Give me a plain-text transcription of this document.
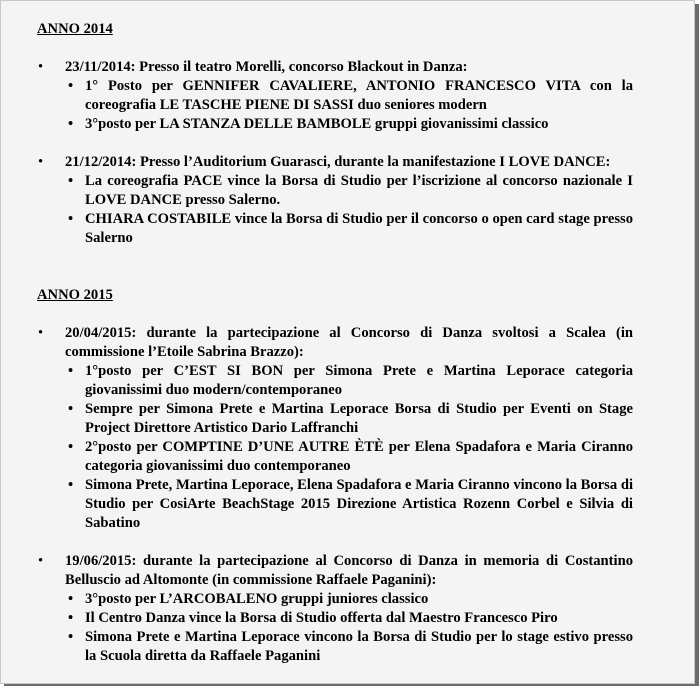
ANNO 2014
• 23/11/2014: Presso il teatro Morelli, concorso Blackout in Danza:
• 1° Posto per GENNIFER CAVALIERE, ANTONIO FRANCESCO VITA con la coreografia LE TASCHE PIENE DI SASSI duo seniores modern
• 3°posto per LA STANZA DELLE BAMBOLE gruppi giovanissimi classico
• 21/12/2014: Presso l’Auditorium Guarasci, durante la manifestazione I LOVE DANCE:
• La coreografia PACE vince la Borsa di Studio per l’iscrizione al concorso nazionale I LOVE DANCE presso Salerno.
• CHIARA COSTABILE vince la Borsa di Studio per il concorso o open card stage presso Salerno
ANNO 2015
• 20/04/2015: durante la partecipazione al Concorso di Danza svoltosi a Scalea (in commissione l’Etoile Sabrina Brazzo):
• 1°posto per C’EST SI BON per Simona Prete e Martina Leporace categoria giovanissimi duo modern/contemporaneo
• Sempre per Simona Prete e Martina Leporace Borsa di Studio per Eventi on Stage Project Direttore Artistico Dario Laffranchi
• 2°posto per COMPTINE D’UNE AUTRE ÈTÈ per Elena Spadafora e Maria Ciranno categoria giovanissimi duo contemporaneo
• Simona Prete, Martina Leporace, Elena Spadafora e Maria Ciranno vincono la Borsa di Studio per CosiArte BeachStage 2015 Direzione Artistica Rozenn Corbel e Silvia di Sabatino
• 19/06/2015: durante la partecipazione al Concorso di Danza in memoria di Costantino Belluscio ad Altomonte (in commissione Raffaele Paganini):
• 3°posto per L’ARCOBALENO gruppi juniores classico
• Il Centro Danza vince la Borsa di Studio offerta dal Maestro Francesco Piro
• Simona Prete e Martina Leporace vincono la Borsa di Studio per lo stage estivo presso la Scuola diretta da Raffaele Paganini
